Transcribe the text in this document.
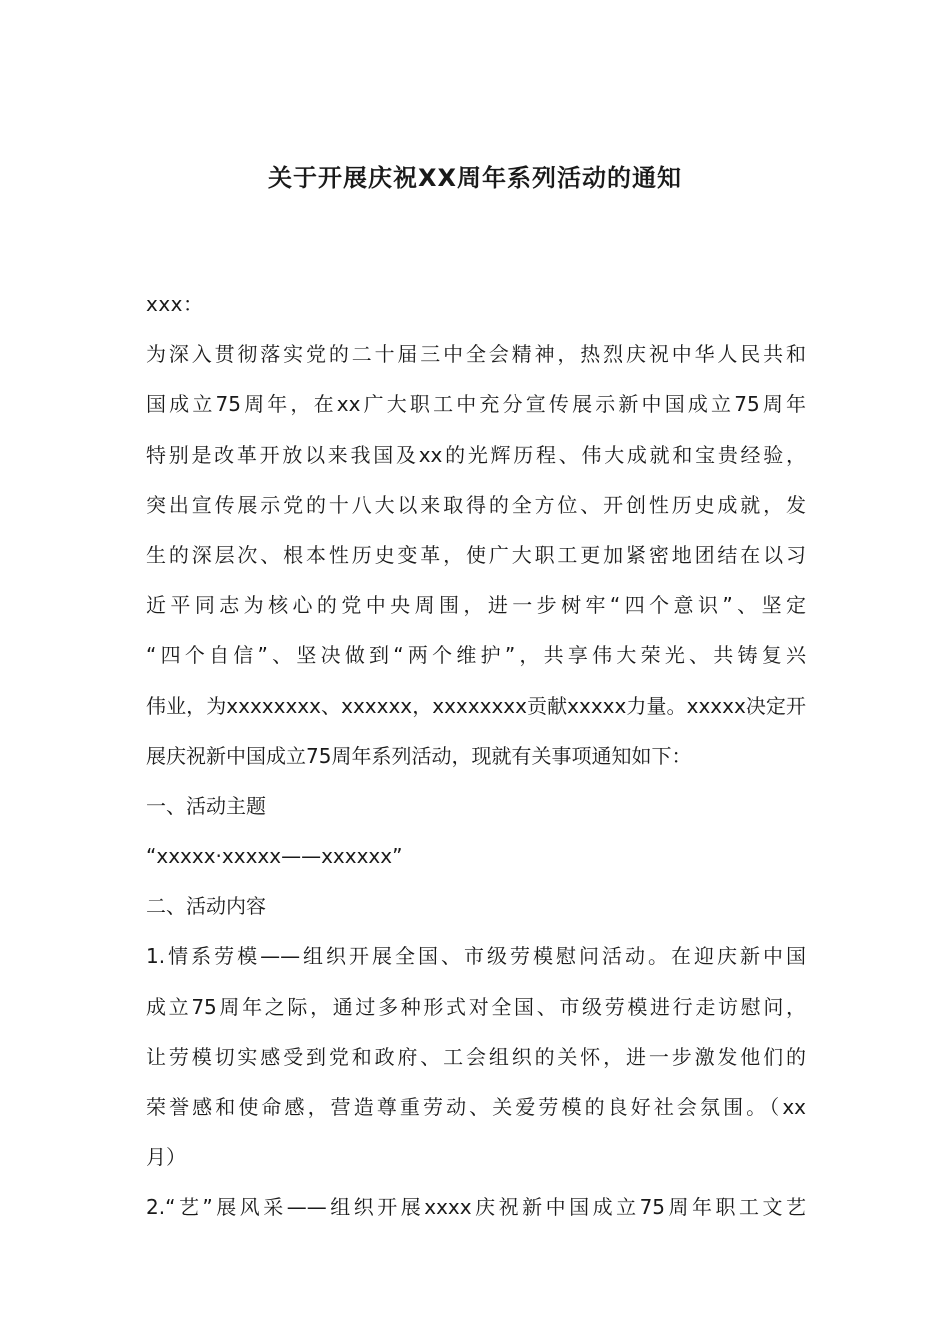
关于开展庆祝XX周年系列活动的通知
xxx：
为深入贯彻落实党的二十届三中全会精神，热烈庆祝中华人民共和
国成立75周年，在xx广大职工中充分宣传展示新中国成立75周年
特别是改革开放以来我国及xx的光辉历程、伟大成就和宝贵经验，
突出宣传展示党的十八大以来取得的全方位、开创性历史成就，发
生的深层次、根本性历史变革，使广大职工更加紧密地团结在以习
近平同志为核心的党中央周围，进一步树牢“四个意识”、坚定
“四个自信”、坚决做到“两个维护”，共享伟大荣光、共铸复兴
伟业，为xxxxxxxx、xxxxxx，xxxxxxxx贡献xxxxx力量。xxxxx决定开
展庆祝新中国成立75周年系列活动，现就有关事项通知如下：
一、活动主题
“xxxxx·xxxxx——xxxxxx”
二、活动内容
1.情系劳模——组织开展全国、市级劳模慰问活动。在迎庆新中国
成立75周年之际，通过多种形式对全国、市级劳模进行走访慰问，
让劳模切实感受到党和政府、工会组织的关怀，进一步激发他们的
荣誉感和使命感，营造尊重劳动、关爱劳模的良好社会氛围。（xx
月）
2.“艺”展风采——组织开展xxxx庆祝新中国成立75周年职工文艺
